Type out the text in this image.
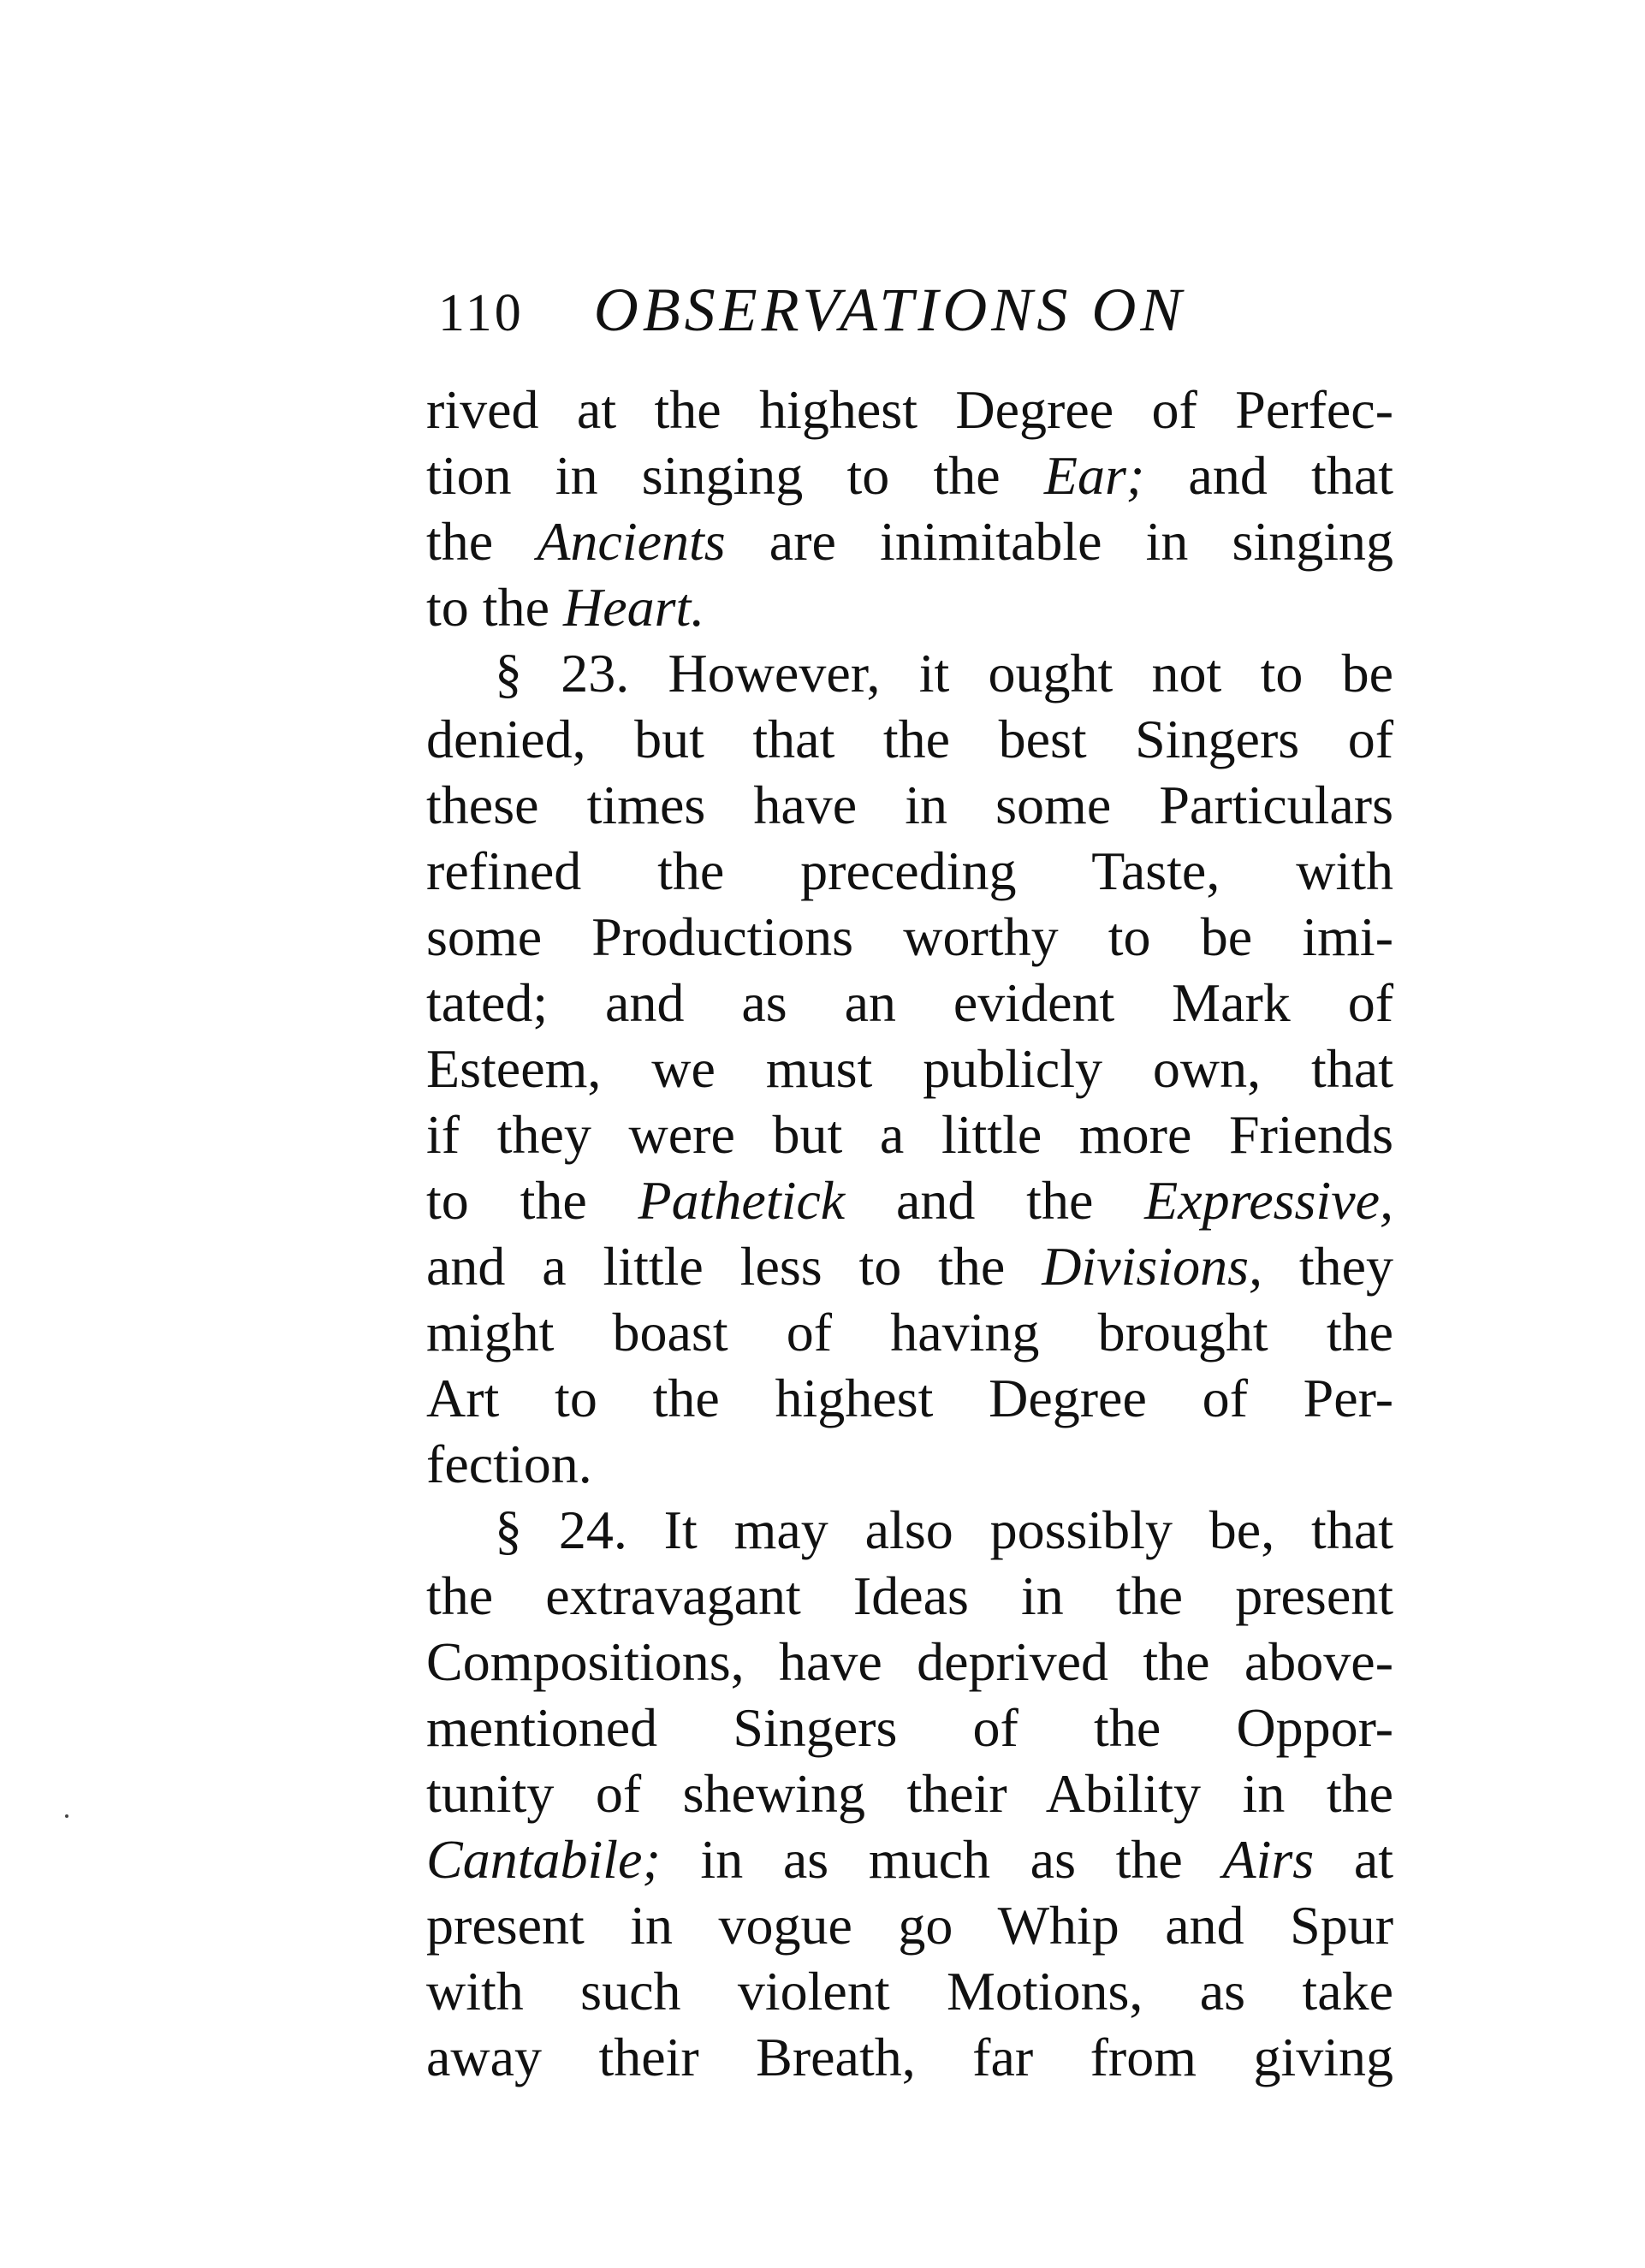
110 OBSERVATIONS ON
rived at the highest Degree of Perfec-
tion in singing to the Ear; and that
the Ancients are inimitable in singing
to the Heart.
§ 23. However, it ought not to be
denied, but that the best Singers of
these times have in some Particulars
refined the preceding Taste, with
some Productions worthy to be imi-
tated; and as an evident Mark of
Esteem, we must publicly own, that
if they were but a little more Friends
to the Pathetick and the Expressive,
and a little less to the Divisions, they
might boast of having brought the
Art to the highest Degree of Per-
fection.
§ 24. It may also possibly be, that
the extravagant Ideas in the present
Compositions, have deprived the above-
mentioned Singers of the Oppor-
tunity of shewing their Ability in the
Cantabile; in as much as the Airs at
present in vogue go Whip and Spur
with such violent Motions, as take
away their Breath, far from giving
